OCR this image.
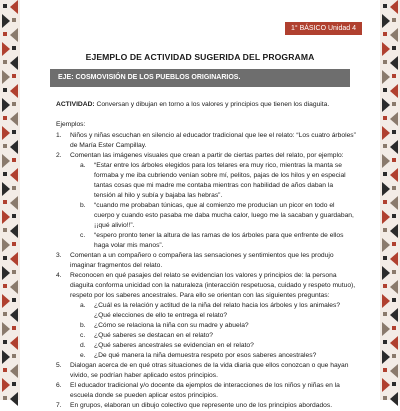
1° BÁSICO Unidad 4
EJEMPLO DE ACTIVIDAD SUGERIDA DEL PROGRAMA
EJE: COSMOVISIÓN DE LOS PUEBLOS ORIGINARIOS.

ACTIVIDAD: Conversan y dibujan en torno a los valores y principios que tienen los diaguita.

Ejemplos:

1. Niños y niñas escuchan en silencio al educador tradicional que lee el relato: “Los cuatro árboles” de María Ester Campillay.
2. Comentan las imágenes visuales que crean a partir de ciertas partes del relato, por ejemplo:
a. “Estar entre los árboles elegidos para los telares era muy rico, mientras la manta se formaba y me iba cubriendo venían sobre mí, pelitos, pajas de los hilos y en especial tantas cosas que mi madre me contaba mientras con habilidad de años daban la tensión al hilo y subía y bajaba las hebras”.
b. “cuando me probaban túnicas, que al comienzo me producían un picor en todo el cuerpo y cuando esto pasaba me daba mucha calor, luego me la sacaban y guardaban, ¡¡qué alivio!!”.
c. “espero pronto tener la altura de las ramas de los árboles para que enfrente de ellos haga volar mis manos”.
3. Comentan a un compañero o compañera las sensaciones y sentimientos que les produjo imaginar fragmentos del relato.
4. Reconocen en qué pasajes del relato se evidencian los valores y principios de: la persona diaguita conforma unicidad con la naturaleza (interacción respetuosa, cuidado y respeto mutuo), respeto por los saberes ancestrales. Para ello se orientan con las siguientes preguntas:
a. ¿Cuál es la relación y actitud de la niña del relato hacia los árboles y los animales?
¿Qué elecciones de ello te entrega el relato?
b. ¿Cómo se relaciona la niña con su madre y abuela?
c. ¿Qué saberes se destacan en el relato?
d. ¿Qué saberes ancestrales se evidencian en el relato?
e. ¿De qué manera la niña demuestra respeto por esos saberes ancestrales?
5. Dialogan acerca de en qué otras situaciones de la vida diaria que ellos conozcan o que hayan vivido, se podrían haber aplicado estos principios.
6. El educador tradicional y/o docente da ejemplos de interacciones de los niños y niñas en la escuela donde se pueden aplicar estos principios.
7. En grupos, elaboran un dibujo colectivo que represente uno de los principios abordados.
